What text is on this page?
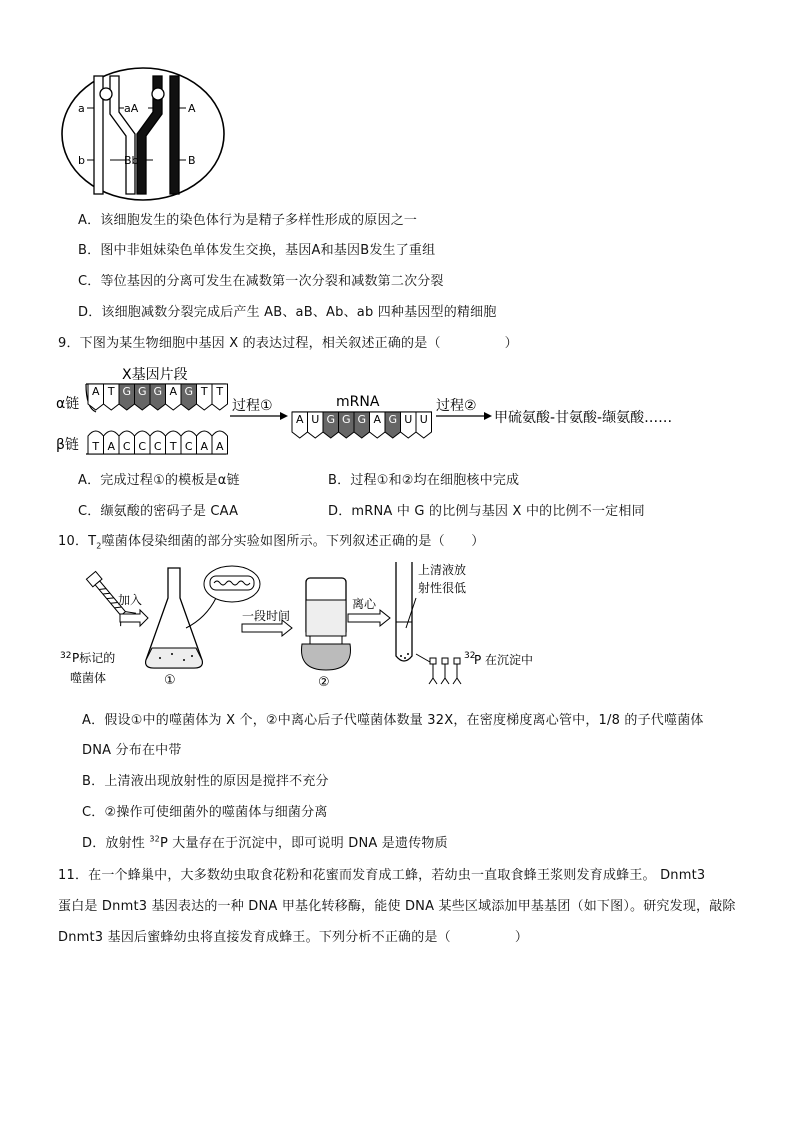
a
b
aA
Bb
A
B
A．该细胞发生的染色体行为是精子多样性形成的原因之一
B．图中非姐妹染色单体发生交换，基因A和基因B发生了重组
C．等位基因的分离可发生在减数第一次分裂和减数第二次分裂
D．该细胞减数分裂完成后产生 AB、aB、Ab、ab 四种基因型的精细胞
9．下图为某生物细胞中基因 X 的表达过程，相关叙述正确的是（	）
X基因片段
α链
β链
A T G G G A G T T
T A C C C T C A A
过程①	mRNA
A U G G G A G U U
过程②
甲硫氨酸-甘氨酸-缬氨酸……
A．完成过程①的模板是α链	B．过程①和②均在细胞核中完成
C．缬氨酸的密码子是 CAA	D．mRNA 中 G 的比例与基因 X 中的比例不一定相同
10．$T_2$噬菌体侵染细菌的部分实验如图所示。下列叙述正确的是（　　）
32 P标记的
噬菌体
加入
①
一段时间
②
离心
上清液放
射性很低
32
P 在沉淀中
A．假设①中的噬菌体为 X 个，②中离心后子代噬菌体数量 32X，在密度梯度离心管中，1/8 的子代噬菌体
DNA 分布在中带
B．上清液出现放射性的原因是搅拌不充分
C．②操作可使细菌外的噬菌体与细菌分离
D．放射性 $^{32}$P 大量存在于沉淀中，即可说明 DNA 是遗传物质
11．在一个蜂巢中，大多数幼虫取食花粉和花蜜而发育成工蜂，若幼虫一直取食蜂王浆则发育成蜂王。 Dnmt3
蛋白是 Dnmt3 基因表达的一种 DNA 甲基化转移酶，能使 DNA 某些区域添加甲基基团（如下图）。研究发现，敲除
Dnmt3 基因后蜜蜂幼虫将直接发育成蜂王。下列分析不正确的是（	）
